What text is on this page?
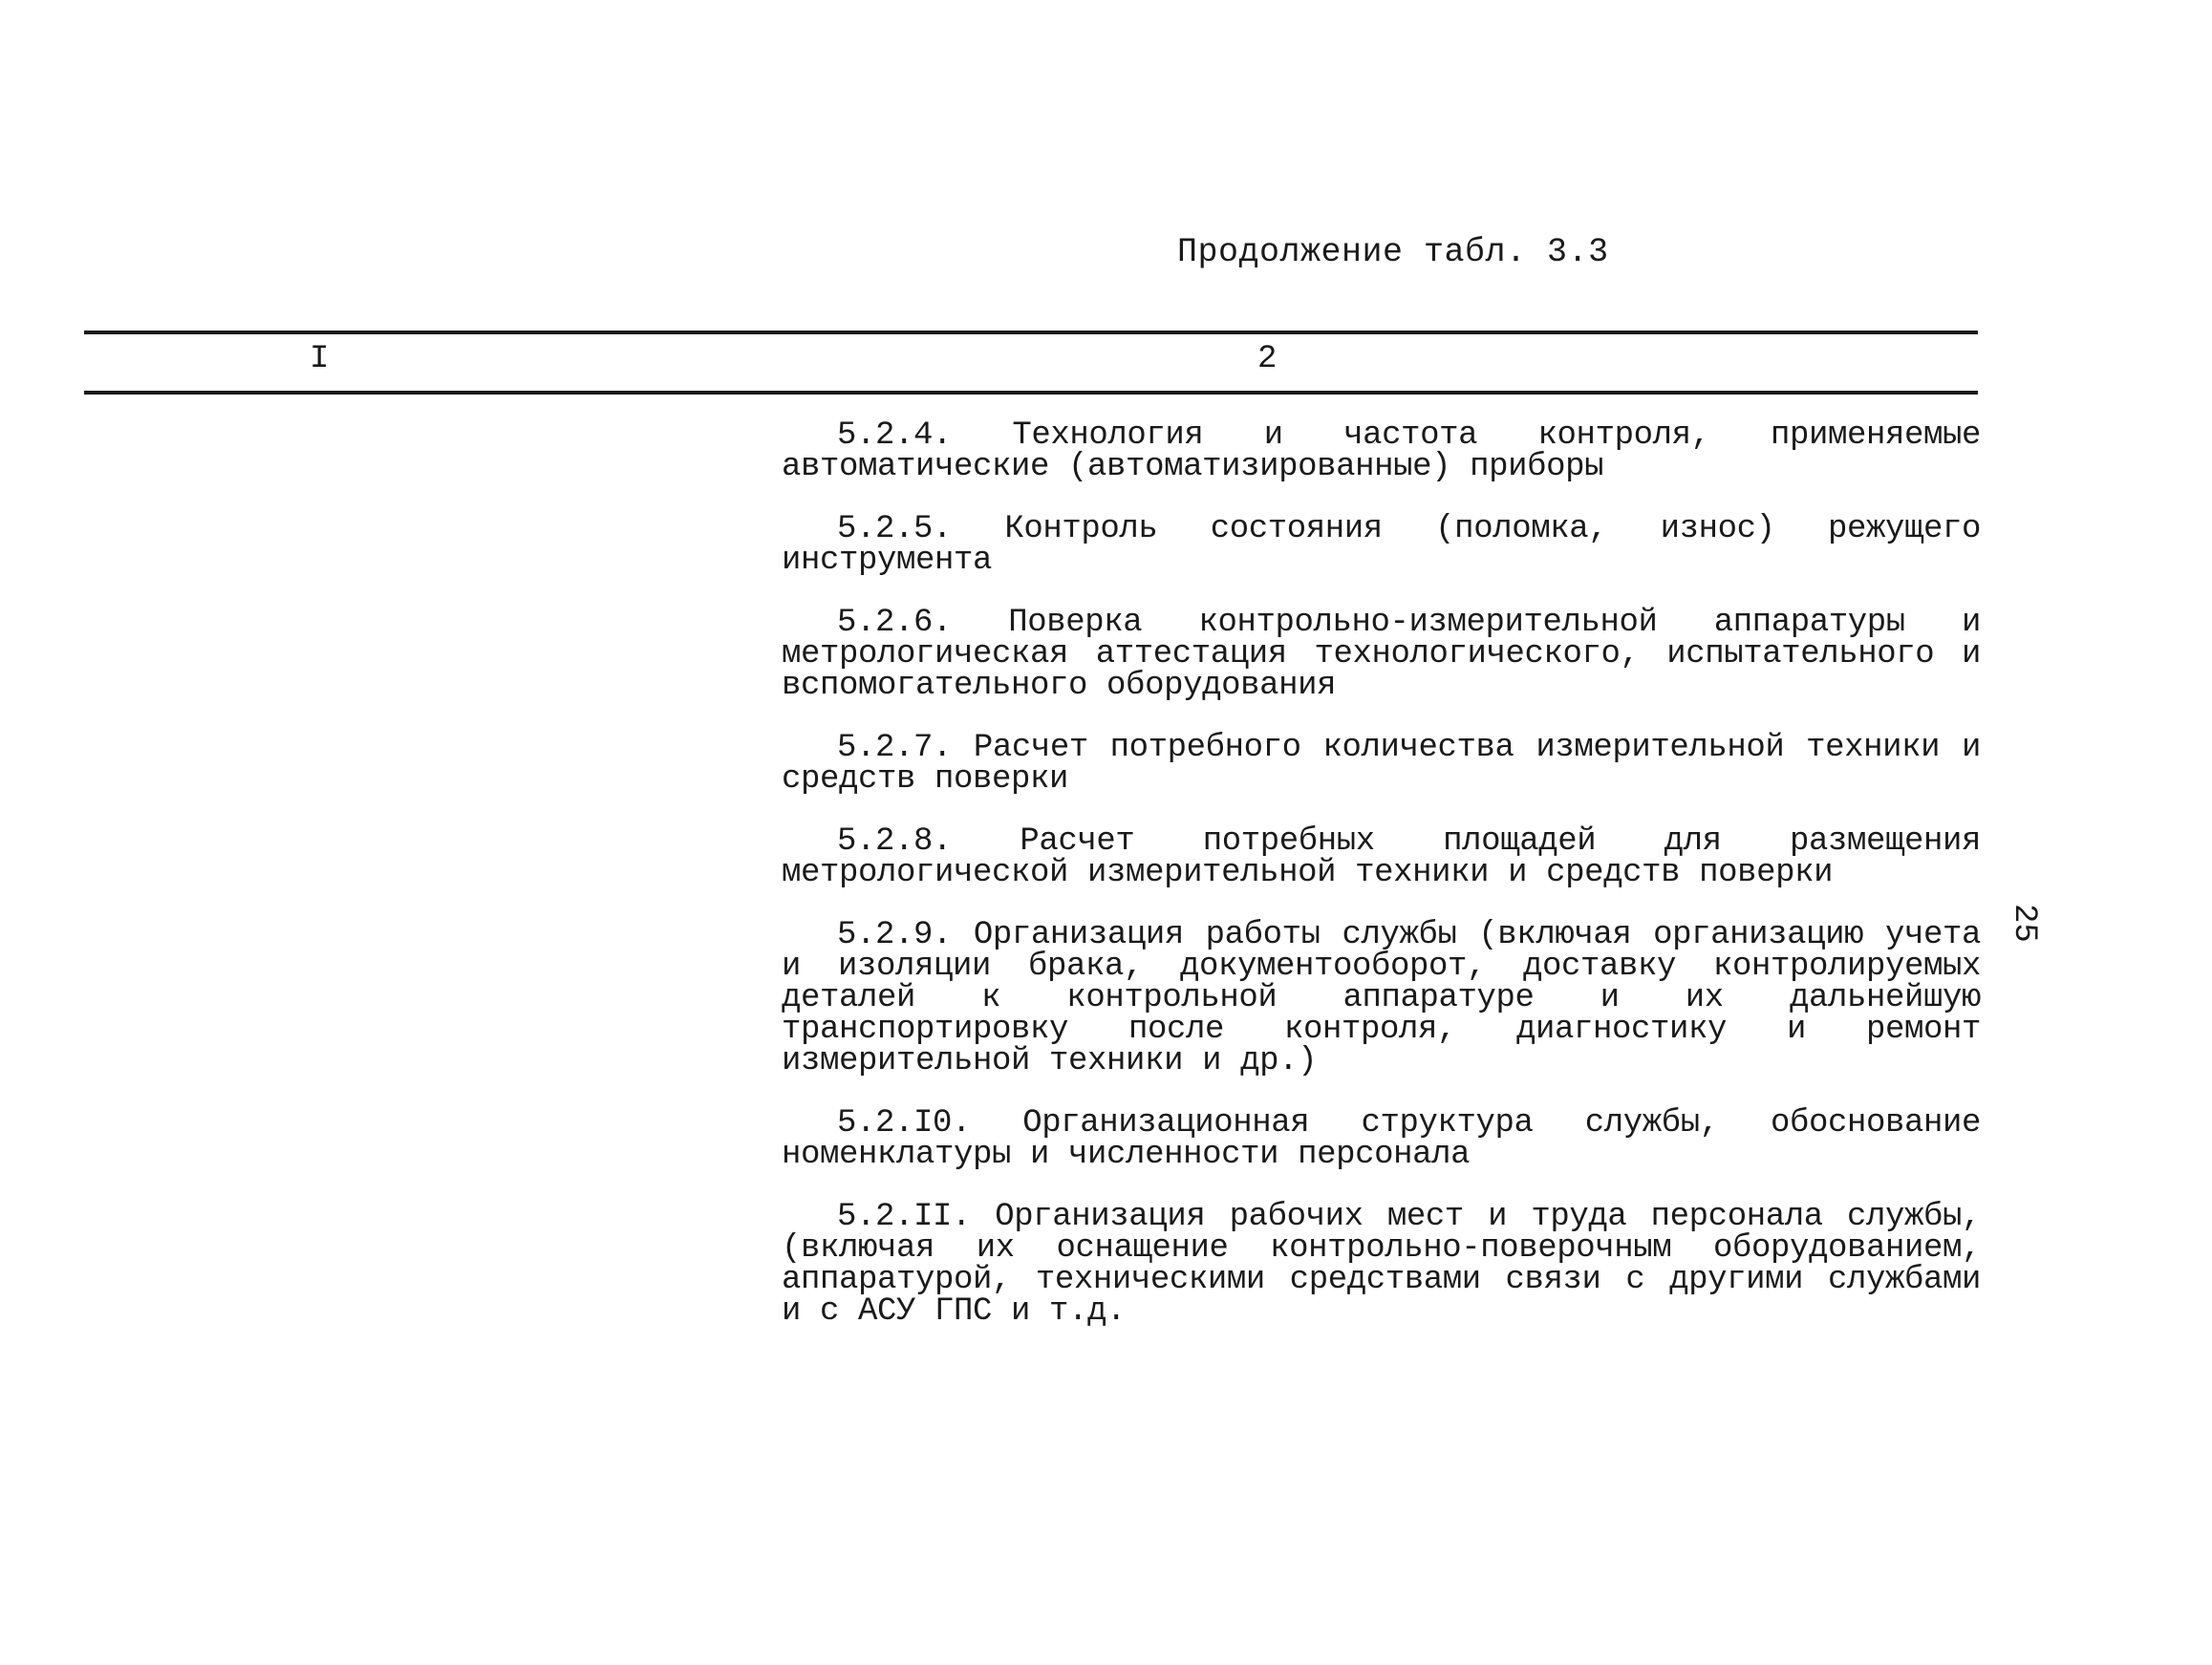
Продолжение табл. 3.3
I	2

5.2.4. Технология и частота контроля, применяемые автоматические (автоматизированные) приборы

5.2.5. Контроль состояния (поломка, износ) режущего инструмента

5.2.6. Поверка контрольно-измерительной аппаратуры и метрологическая аттестация технологического, испытательного и вспомогательного оборудования

5.2.7. Расчет потребного количества измерительной техники и средств поверки

5.2.8. Расчет потребных площадей для размещения метрологической измерительной техники и средств поверки

5.2.9. Организация работы службы (включая организацию учета и изоляции брака, документооборот, доставку контролируемых деталей к контрольной аппаратуре и их дальнейшую транспортировку после контроля, диагностику и ремонт измерительной техники и др.)

5.2.I0. Организационная структура службы, обоснование номенклатуры и численности персонала

5.2.II. Организация рабочих мест и труда персонала службы, (включая их оснащение контрольно-поверочным оборудованием, аппаратурой, техническими средствами связи с другими службами и с АСУ ГПС и т.д.

25
